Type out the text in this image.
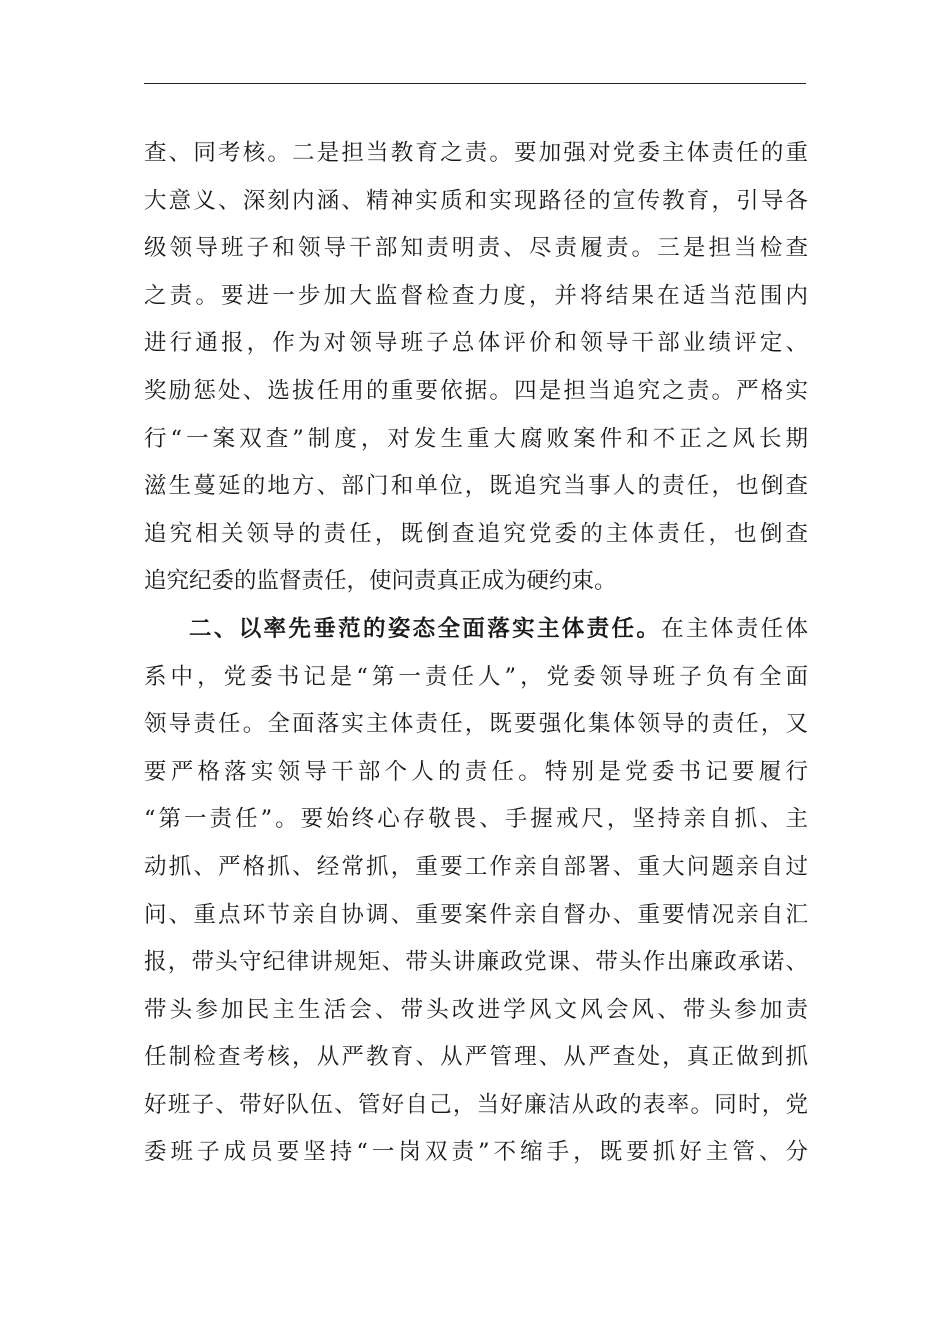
查、同考核。二是担当教育之责。要加强对党委主体责任的重
大意义、深刻内涵、精神实质和实现路径的宣传教育，引导各
级领导班子和领导干部知责明责、尽责履责。三是担当检查
之责。要进一步加大监督检查力度，并将结果在适当范围内
进行通报，作为对领导班子总体评价和领导干部业绩评定、
奖励惩处、选拔任用的重要依据。四是担当追究之责。严格实
行“一案双查”制度，对发生重大腐败案件和不正之风长期
滋生蔓延的地方、部门和单位，既追究当事人的责任，也倒查
追究相关领导的责任，既倒查追究党委的主体责任，也倒查
追究纪委的监督责任，使问责真正成为硬约束。
二、以率先垂范的姿态全面落实主体责任。在主体责任体
系中，党委书记是“第一责任人”，党委领导班子负有全面
领导责任。全面落实主体责任，既要强化集体领导的责任，又
要严格落实领导干部个人的责任。特别是党委书记要履行
“第一责任”。要始终心存敬畏、手握戒尺，坚持亲自抓、主
动抓、严格抓、经常抓，重要工作亲自部署、重大问题亲自过
问、重点环节亲自协调、重要案件亲自督办、重要情况亲自汇
报，带头守纪律讲规矩、带头讲廉政党课、带头作出廉政承诺、
带头参加民主生活会、带头改进学风文风会风、带头参加责
任制检查考核，从严教育、从严管理、从严查处，真正做到抓
好班子、带好队伍、管好自己，当好廉洁从政的表率。同时，党
委班子成员要坚持“一岗双责”不缩手，既要抓好主管、分
